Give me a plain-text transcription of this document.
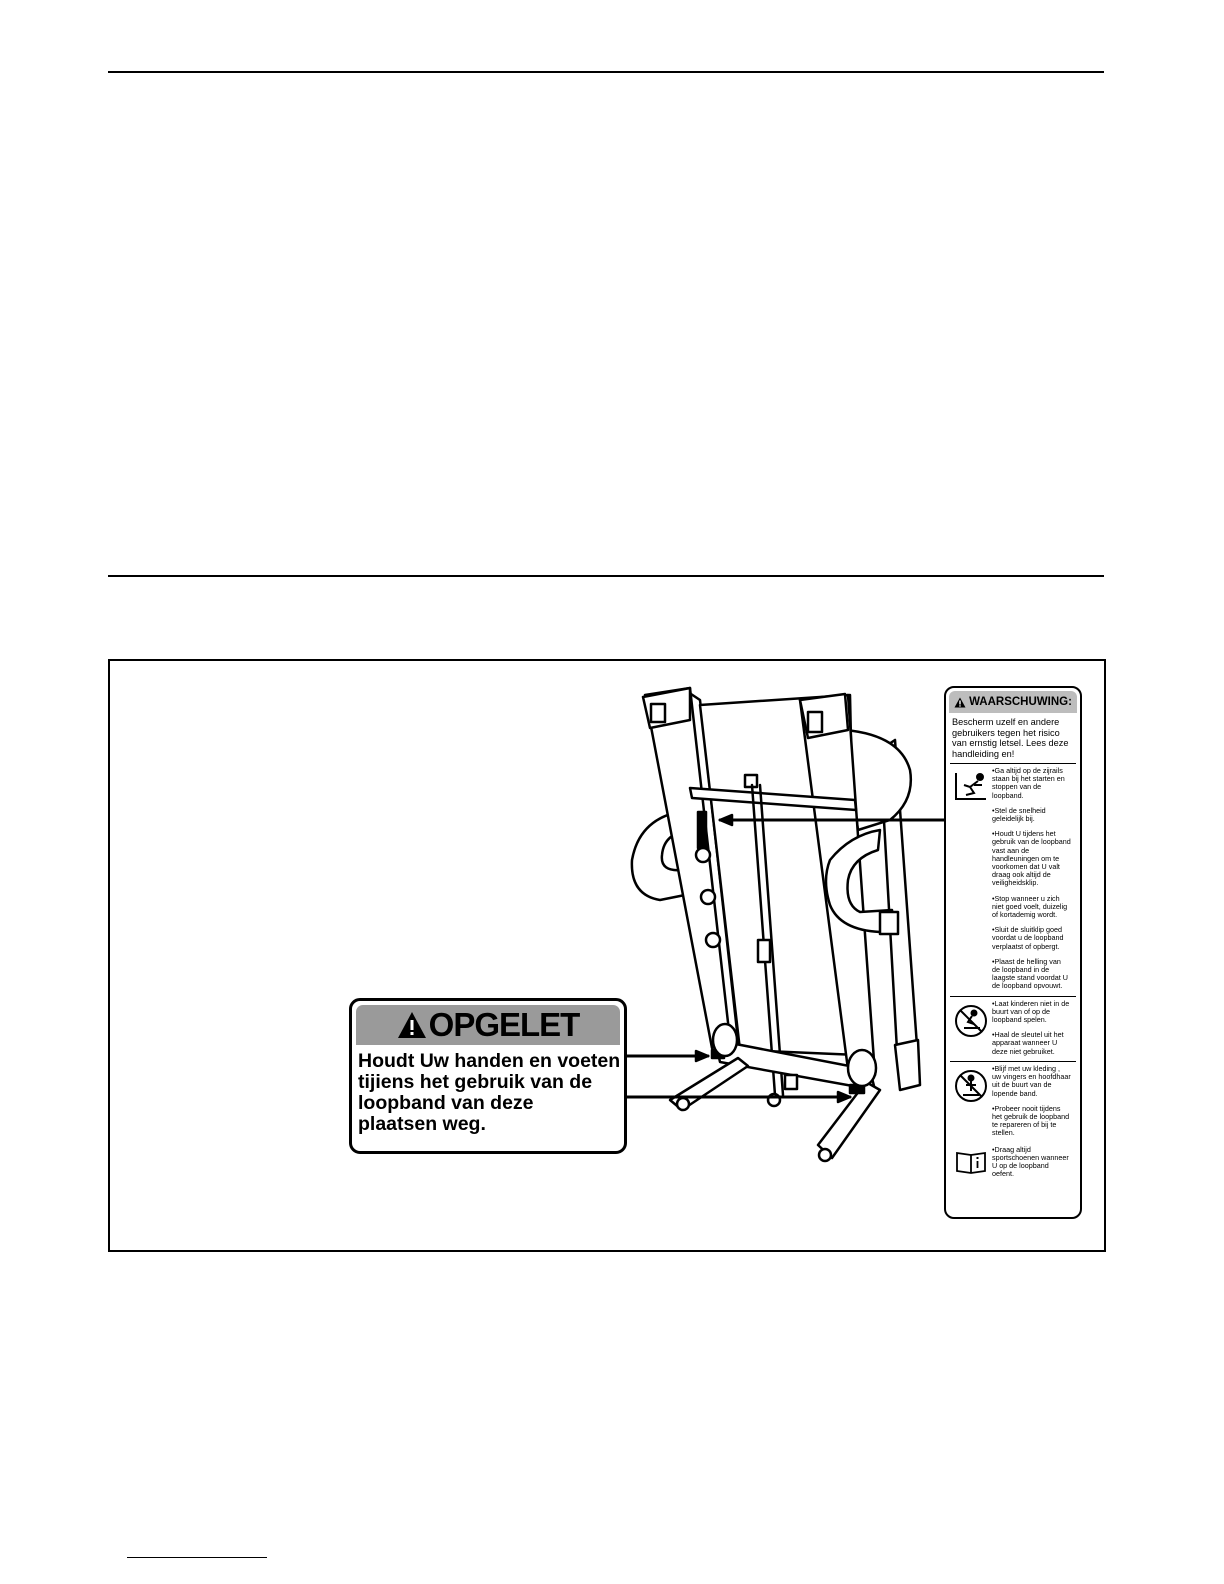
OPGELET
Houdt Uw handen en voeten
tijiens het gebruik van de
loopband van deze
plaatsen weg.
WAARSCHUWING:
Bescherm uzelf en andere
gebruikers tegen het risico
van ernstig letsel. Lees deze
handleiding en!
•Ga altijd op de zijrails
staan bij het starten en
stoppen van de
loopband.
•Stel de snelheid
geleidelijk bij.
•Houdt U tijdens het
gebruik van de loopband
vast aan de
handleuningen om te
voorkomen dat U valt
draag ook altijd de
veiligheidsklip.
•Stop wanneer u zich
niet goed voelt, duizelig
of kortademig wordt.
•Sluit de sluitklip goed
voordat u de loopband
verplaatst of opbergt.
•Plaast de helling van
de loopband in de
laagste stand voordat U
de loopband opvouwt.
•Laat kinderen niet in de
buurt van of op de
loopband spelen.
•Haal de sleutel uit het
apparaat wanneer U
deze niet gebruiket.
•Blijf met uw kleding ,
uw vingers en hoofdhaar
uit de buurt van de
lopende band.
•Probeer nooit tijdens
het gebruik de loopband
te repareren of bij te
stellen.
•Draag altijd
sportschoenen wanneer
U op de loopband
oefent.
